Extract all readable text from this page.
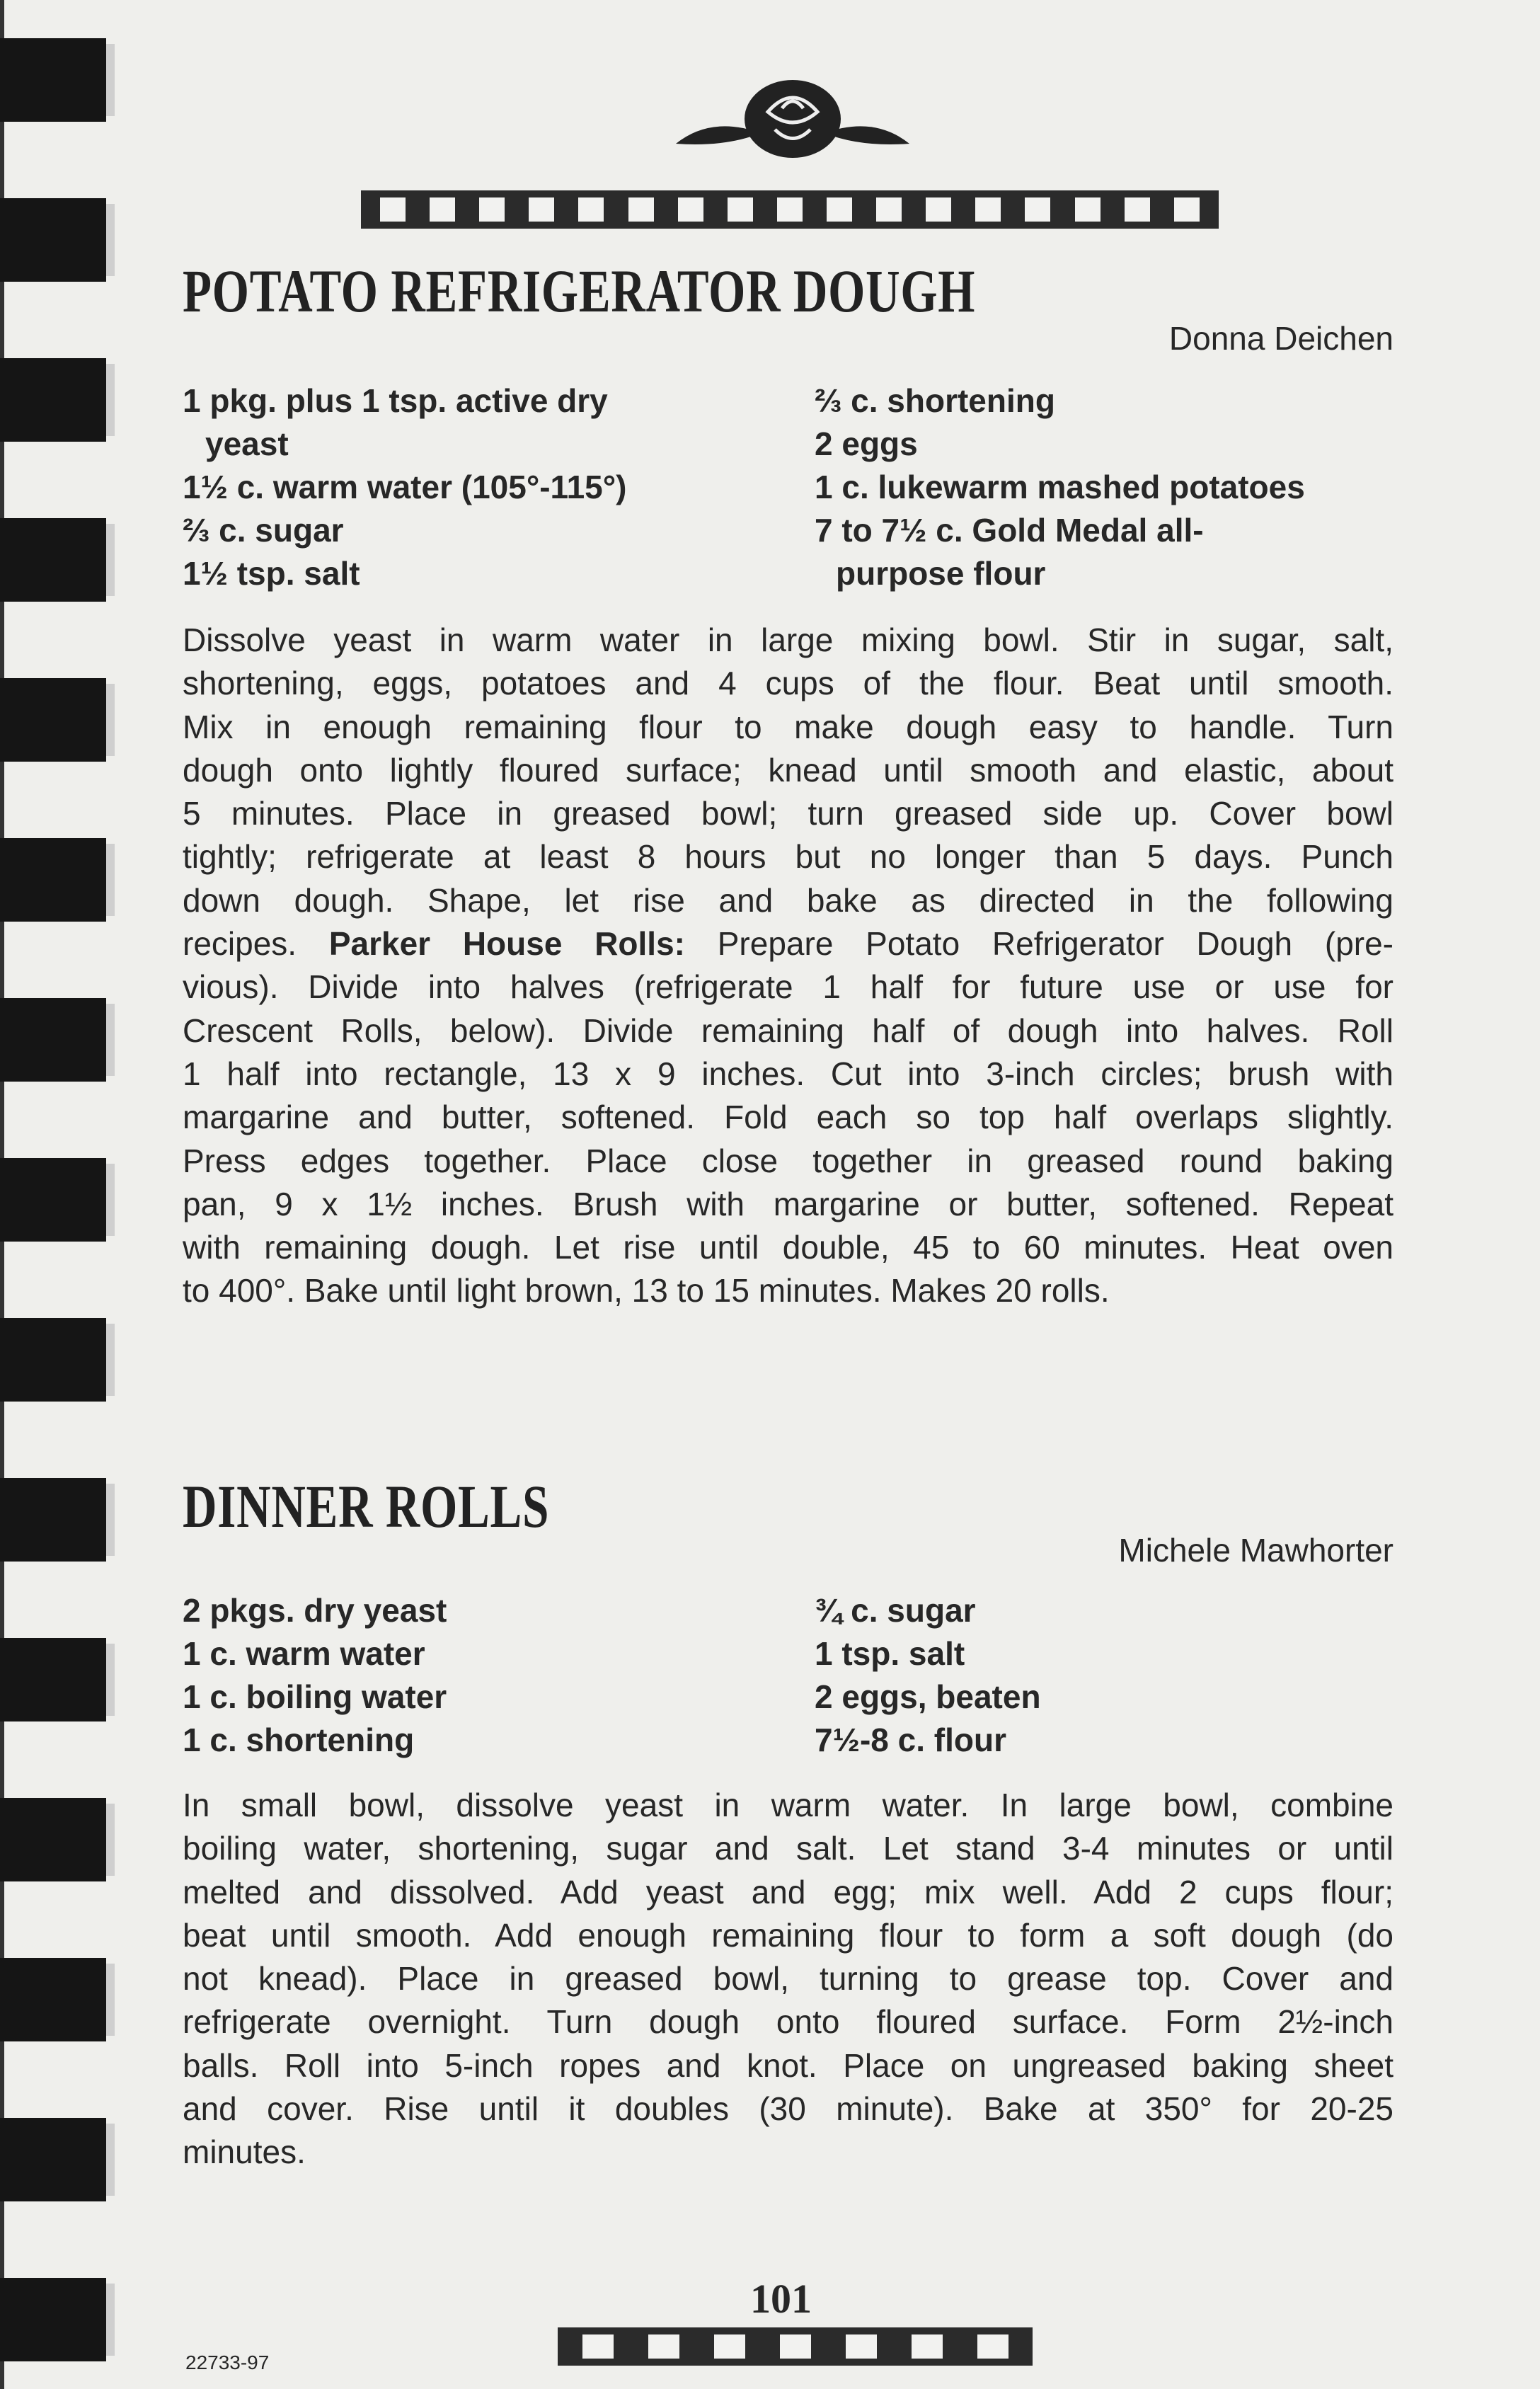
POTATO REFRIGERATOR DOUGH
Donna Deichen
1 pkg. plus 1 tsp. active dry
yeast
1½ c. warm water (105°-115°)
⅔ c. sugar
1½ tsp. salt
⅔ c. shortening
2 eggs
1 c. lukewarm mashed potatoes
7 to 7½ c. Gold Medal all-
purpose flour
Dissolve yeast in warm water in large mixing bowl. Stir in sugar, salt,
shortening, eggs, potatoes and 4 cups of the flour. Beat until smooth.
Mix in enough remaining flour to make dough easy to handle. Turn
dough onto lightly floured surface; knead until smooth and elastic, about
5 minutes. Place in greased bowl; turn greased side up. Cover bowl
tightly; refrigerate at least 8 hours but no longer than 5 days. Punch
down dough. Shape, let rise and bake as directed in the following
recipes. Parker House Rolls: Prepare Potato Refrigerator Dough (pre-
vious). Divide into halves (refrigerate 1 half for future use or use for
Crescent Rolls, below). Divide remaining half of dough into halves. Roll
1 half into rectangle, 13 x 9 inches. Cut into 3-inch circles; brush with
margarine and butter, softened. Fold each so top half overlaps slightly.
Press edges together. Place close together in greased round baking
pan, 9 x 1½ inches. Brush with margarine or butter, softened. Repeat
with remaining dough. Let rise until double, 45 to 60 minutes. Heat oven
to 400°. Bake until light brown, 13 to 15 minutes. Makes 20 rolls.
DINNER ROLLS
Michele Mawhorter
2 pkgs. dry yeast
1 c. warm water
1 c. boiling water
1 c. shortening
¾ c. sugar
1 tsp. salt
2 eggs, beaten
7½-8 c. flour
In small bowl, dissolve yeast in warm water. In large bowl, combine
boiling water, shortening, sugar and salt. Let stand 3-4 minutes or until
melted and dissolved. Add yeast and egg; mix well. Add 2 cups flour;
beat until smooth. Add enough remaining flour to form a soft dough (do
not knead). Place in greased bowl, turning to grease top. Cover and
refrigerate overnight. Turn dough onto floured surface. Form 2½-inch
balls. Roll into 5-inch ropes and knot. Place on ungreased baking sheet
and cover. Rise until it doubles (30 minute). Bake at 350° for 20-25
minutes.
101
22733-97
